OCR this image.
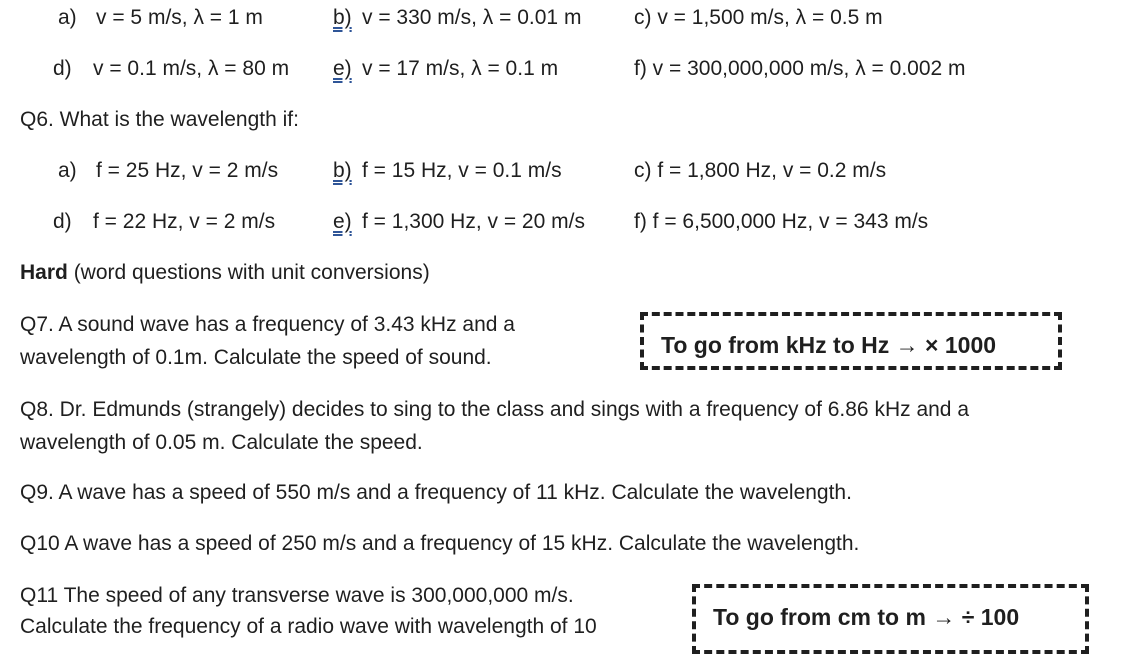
a) v = 5 m/s, λ = 1 m	b) v = 330 m/s, λ = 0.01 m	c) v = 1,500 m/s, λ = 0.5 m
d) v = 0.1 m/s, λ = 80 m e) v = 17 m/s, λ = 0.1 m	f) v = 300,000,000 m/s, λ = 0.002 m
Q6. What is the wavelength if:
a) f = 25 Hz, v = 2 m/s	b) f = 15 Hz, v = 0.1 m/s	c) f = 1,800 Hz, v = 0.2 m/s
d) f = 22 Hz, v = 2 m/s	e) f = 1,300 Hz, v = 20 m/s f) f = 6,500,000 Hz, v = 343 m/s
Hard (word questions with unit conversions)
Q7. A sound wave has a frequency of 3.43 kHz and a
wavelength of 0.1m. Calculate the speed of sound.	To go from kHz to Hz → × 1000
Q8. Dr. Edmunds (strangely) decides to sing to the class and sings with a frequency of 6.86 kHz and a
wavelength of 0.05 m. Calculate the speed.
Q9. A wave has a speed of 550 m/s and a frequency of 11 kHz. Calculate the wavelength.
Q10 A wave has a speed of 250 m/s and a frequency of 15 kHz. Calculate the wavelength.
Q11 The speed of any transverse wave is 300,000,000 m/s.
Calculate the frequency of a radio wave with wavelength of 10	To go from cm to m → ÷ 100
